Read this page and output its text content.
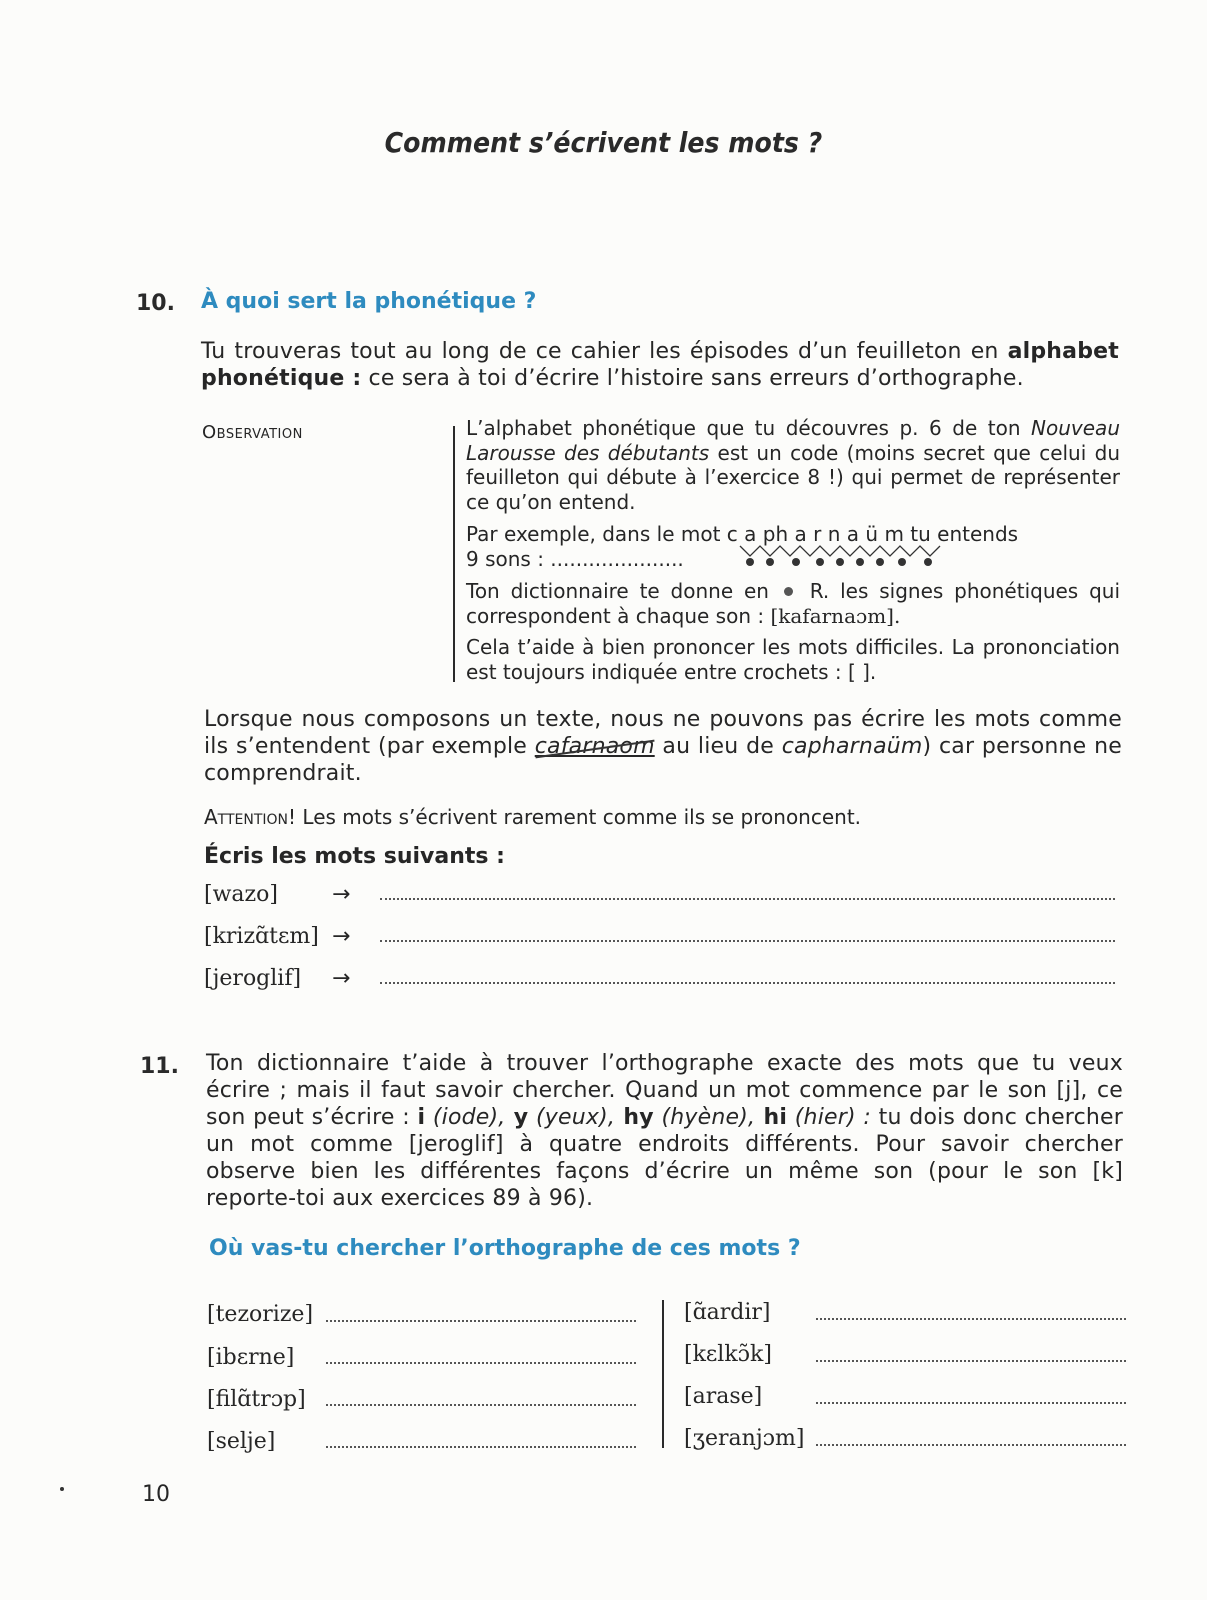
Comment s’écrivent les mots ?
10. À quoi sert la phonétique ?
Tu trouveras tout au long de ce cahier les épisodes d’un feuilleton en alphabet phonétique : ce sera à toi d’écrire l’histoire sans erreurs d’orthographe.
Observation	L’alphabet phonétique que tu découvres p. 6 de ton Nouveau Larousse des débutants est un code (moins secret que celui du feuilleton qui débute à l’exercice 8 !) qui permet de représenter ce qu’on entend.
Par exemple, dans le mot c a ph a r n a ü m tu entends
9 sons : .....................
Ton dictionnaire te donne en R. les signes phonétiques qui correspondent à chaque son : [kafarnaɔm].
Cela t’aide à bien prononcer les mots difficiles. La prononciation est toujours indiquée entre crochets : [ ].
Lorsque nous composons un texte, nous ne pouvons pas écrire les mots comme ils s’entendent (par exemple cafarnaom au lieu de capharnaüm) car personne ne comprendrait.
Attention! Les mots s’écrivent rarement comme ils se prononcent.
Écris les mots suivants :
[wazo] →
[krizɑ̃tɛm] →
[jeroglif] →
11. Ton dictionnaire t’aide à trouver l’orthographe exacte des mots que tu veux écrire ; mais il faut savoir chercher. Quand un mot commence par le son [j], ce son peut s’écrire : i (iode), y (yeux), hy (hyène), hi (hier) : tu dois donc chercher un mot comme [jeroglif] à quatre endroits différents. Pour savoir chercher observe bien les différentes façons d’écrire un même son (pour le son [k] reporte-toi aux exercices 89 à 96).
Où vas-tu chercher l’orthographe de ces mots ?
[tezorize]
[ibɛrne]
[filɑ̃trɔp]
[selje]
[ɑ̃ardir]
[kɛlkɔ̃k]
[arase]
[ʒeranjɔm]
10
